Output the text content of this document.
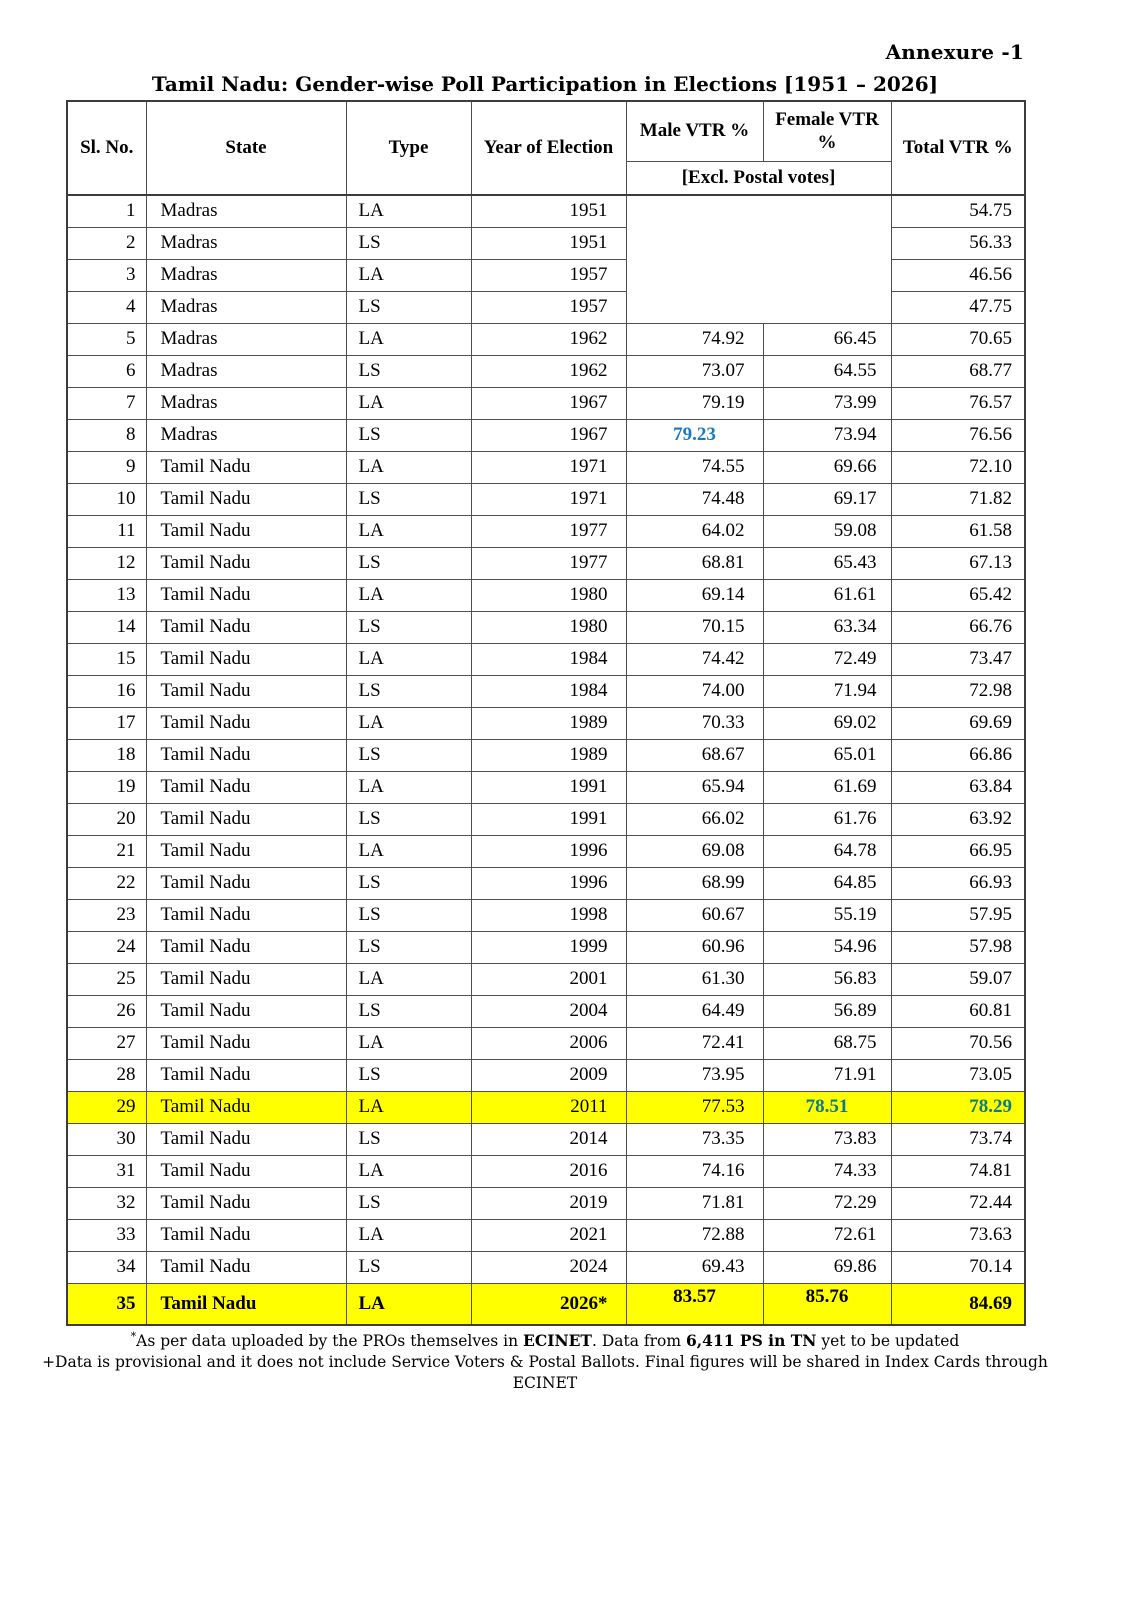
Annexure -1
Tamil Nadu: Gender-wise Poll Participation in Elections [1951 – 2026]
Sl. No.	State	Type	Year of Election	Male VTR %	Female VTR %	Total VTR %
				[Excl. Postal votes]		
1	Madras	LA	1951			54.75
2	Madras	LS	1951			56.33
3	Madras	LA	1957			46.56
4	Madras	LS	1957			47.75
5	Madras	LA	1962	74.92	66.45	70.65
6	Madras	LS	1962	73.07	64.55	68.77
7	Madras	LA	1967	79.19	73.99	76.57
8	Madras	LS	1967	79.23	73.94	76.56
9	Tamil Nadu	LA	1971	74.55	69.66	72.10
10	Tamil Nadu	LS	1971	74.48	69.17	71.82
11	Tamil Nadu	LA	1977	64.02	59.08	61.58
12	Tamil Nadu	LS	1977	68.81	65.43	67.13
13	Tamil Nadu	LA	1980	69.14	61.61	65.42
14	Tamil Nadu	LS	1980	70.15	63.34	66.76
15	Tamil Nadu	LA	1984	74.42	72.49	73.47
16	Tamil Nadu	LS	1984	74.00	71.94	72.98
17	Tamil Nadu	LA	1989	70.33	69.02	69.69
18	Tamil Nadu	LS	1989	68.67	65.01	66.86
19	Tamil Nadu	LA	1991	65.94	61.69	63.84
20	Tamil Nadu	LS	1991	66.02	61.76	63.92
21	Tamil Nadu	LA	1996	69.08	64.78	66.95
22	Tamil Nadu	LS	1996	68.99	64.85	66.93
23	Tamil Nadu	LS	1998	60.67	55.19	57.95
24	Tamil Nadu	LS	1999	60.96	54.96	57.98
25	Tamil Nadu	LA	2001	61.30	56.83	59.07
26	Tamil Nadu	LS	2004	64.49	56.89	60.81
27	Tamil Nadu	LA	2006	72.41	68.75	70.56
28	Tamil Nadu	LS	2009	73.95	71.91	73.05
29	Tamil Nadu	LA	2011	77.53	78.51	78.29
30	Tamil Nadu	LS	2014	73.35	73.83	73.74
31	Tamil Nadu	LA	2016	74.16	74.33	74.81
32	Tamil Nadu	LS	2019	71.81	72.29	72.44
33	Tamil Nadu	LA	2021	72.88	72.61	73.63
34	Tamil Nadu	LS	2024	69.43	69.86	70.14
35	Tamil Nadu	LA	2026*	83.57	85.76	84.69
*As per data uploaded by the PROs themselves in ECINET. Data from 6,411 PS in TN yet to be updated
+Data is provisional and it does not include Service Voters & Postal Ballots. Final figures will be shared in Index Cards through ECINET
